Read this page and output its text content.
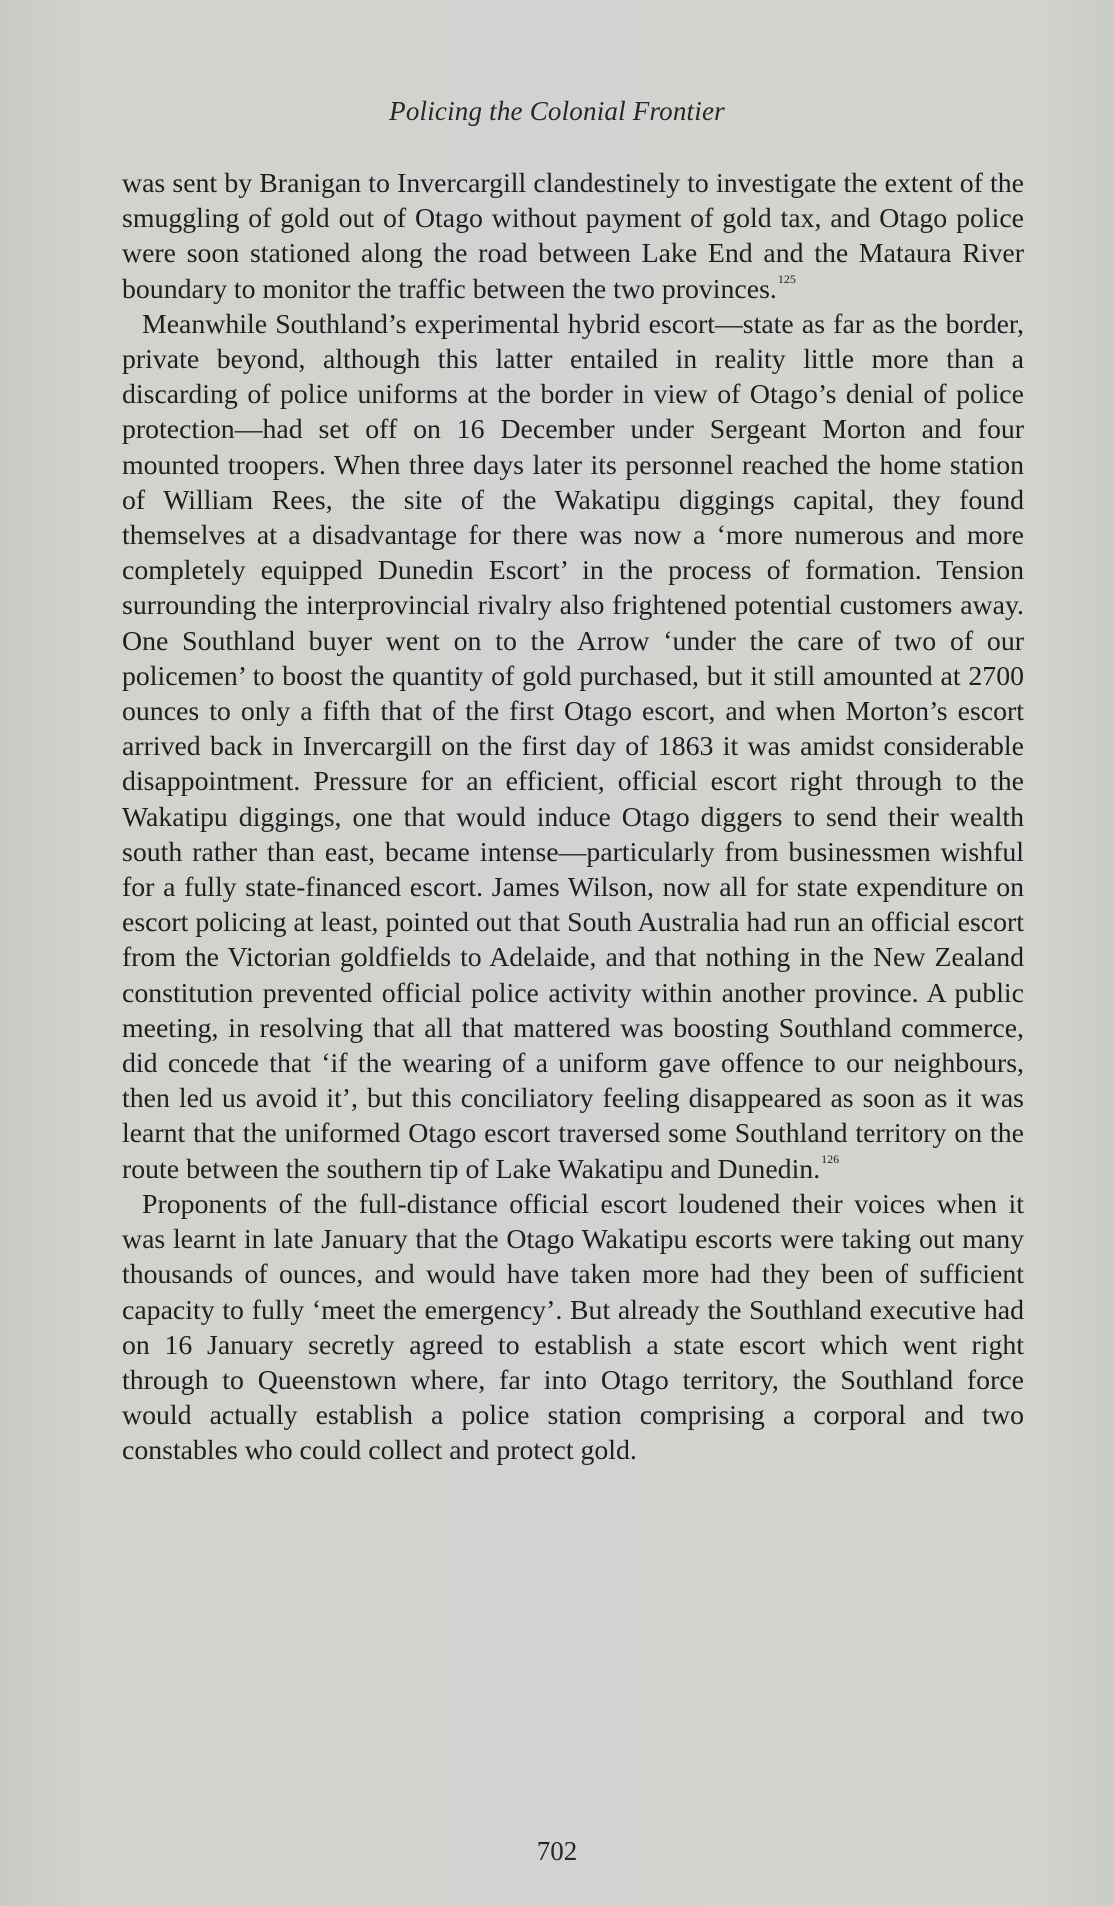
Policing the Colonial Frontier

was sent by Branigan to Invercargill clandestinely to investigate the extent of the smuggling of gold out of Otago without payment of gold tax, and Otago police were soon stationed along the road between Lake End and the Mataura River boundary to monitor the traffic between the two provinces.$^{125}$

Meanwhile Southland’s experimental hybrid escort—state as far as the border, private beyond, although this latter entailed in reality little more than a discarding of police uniforms at the border in view of Otago’s denial of police protection—had set off on 16 December under Sergeant Morton and four mounted troopers. When three days later its personnel reached the home station of William Rees, the site of the Wakatipu diggings capital, they found themselves at a disadvantage for there was now a ‘more numerous and more completely equipped Dunedin Escort’ in the process of formation. Tension surrounding the interprovincial rivalry also frightened potential customers away. One Southland buyer went on to the Arrow ‘under the care of two of our policemen’ to boost the quantity of gold purchased, but it still amounted at 2700 ounces to only a fifth that of the first Otago escort, and when Morton’s escort arrived back in Invercargill on the first day of 1863 it was amidst considerable disappointment. Pressure for an efficient, official escort right through to the Wakatipu diggings, one that would induce Otago diggers to send their wealth south rather than east, became intense—particularly from businessmen wishful for a fully state-financed escort. James Wilson, now all for state expenditure on escort policing at least, pointed out that South Australia had run an official escort from the Victorian goldfields to Adelaide, and that nothing in the New Zealand constitution prevented official police activity within another province. A public meeting, in resolving that all that mattered was boosting Southland commerce, did concede that ‘if the wearing of a uniform gave offence to our neighbours, then led us avoid it’, but this conciliatory feeling disappeared as soon as it was learnt that the uniformed Otago escort traversed some Southland territory on the route between the southern tip of Lake Wakatipu and Dunedin.$^{126}$

Proponents of the full-distance official escort loudened their voices when it was learnt in late January that the Otago Wakatipu escorts were taking out many thousands of ounces, and would have taken more had they been of sufficient capacity to fully ‘meet the emergency’. But already the Southland executive had on 16 January secretly agreed to establish a state escort which went right through to Queenstown where, far into Otago territory, the Southland force would actually establish a police station comprising a corporal and two constables who could collect and protect gold.

702
